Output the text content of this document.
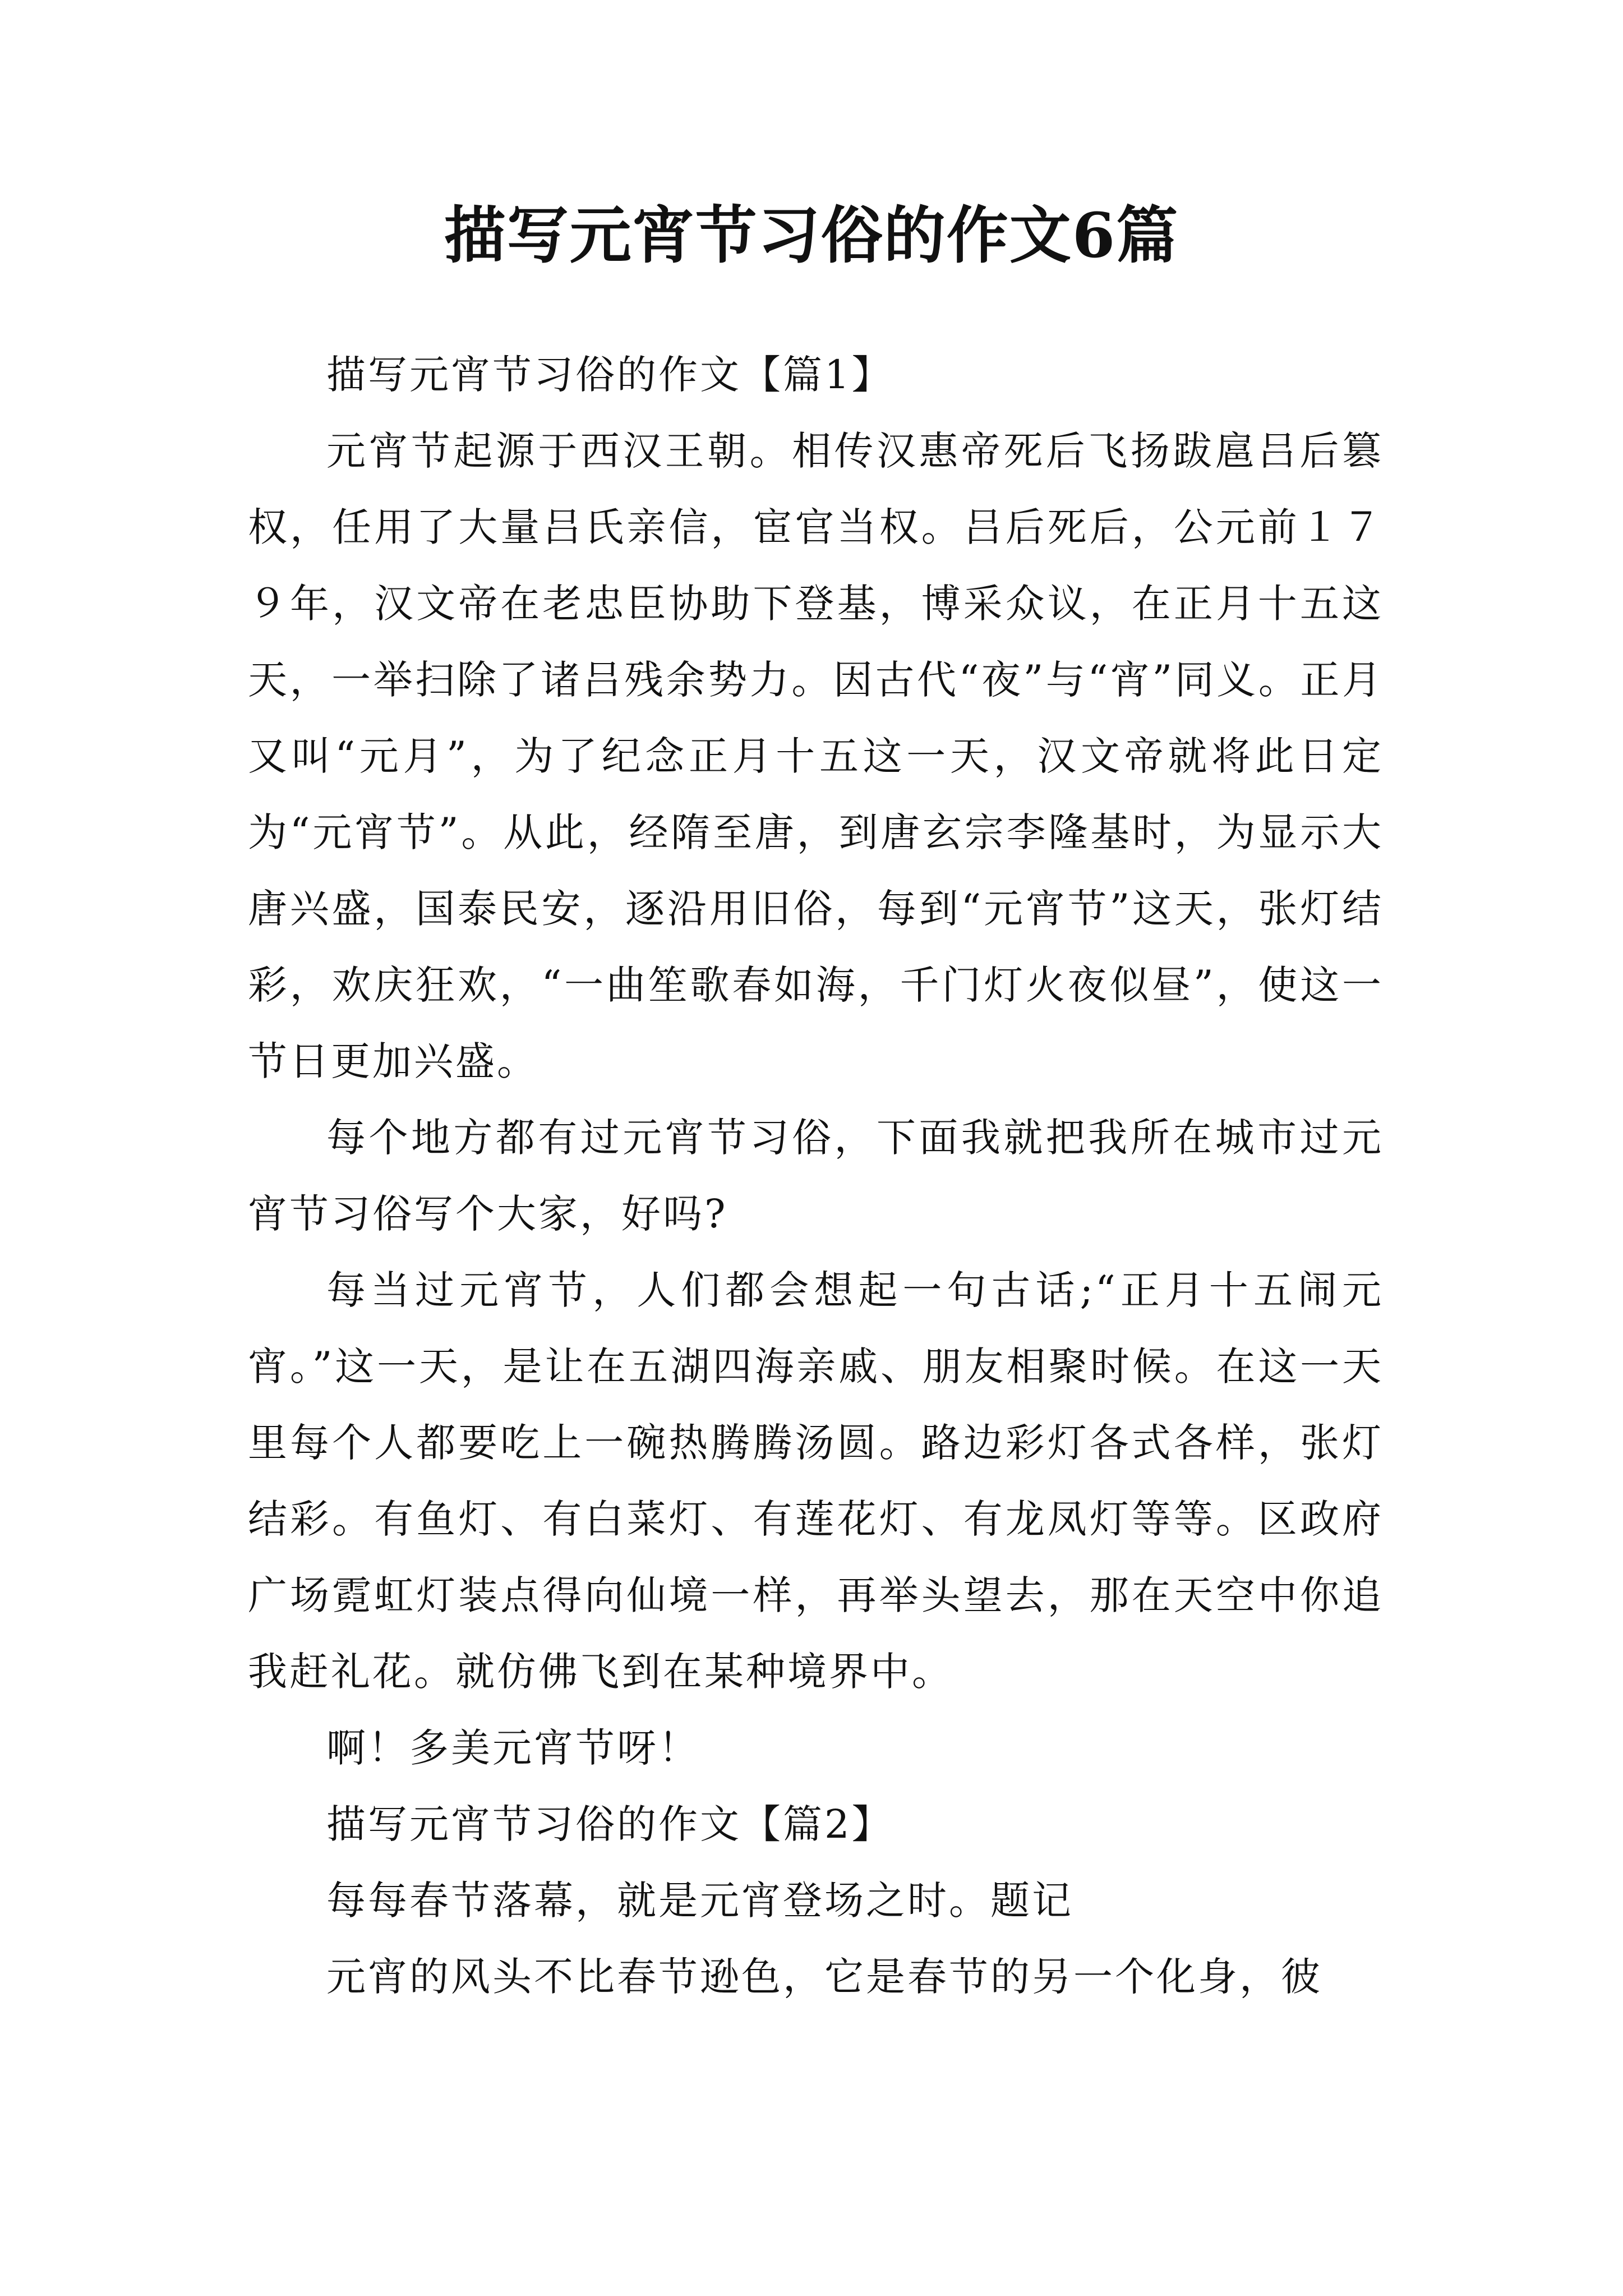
描写元宵节习俗的作文6篇

描写元宵节习俗的作文【篇1】

元宵节起源于西汉王朝。相传汉惠帝死后飞扬跋扈吕后篡权，任用了大量吕氏亲信，宦官当权。吕后死后，公元前１７９年，汉文帝在老忠臣协助下登基，博采众议，在正月十五这天，一举扫除了诸吕残余势力。因古代“夜”与“宵”同义。正月又叫“元月”，为了纪念正月十五这一天，汉文帝就将此日定为“元宵节”。从此，经隋至唐，到唐玄宗李隆基时，为显示大唐兴盛，国泰民安，逐沿用旧俗，每到“元宵节”这天，张灯结彩，欢庆狂欢，“一曲笙歌春如海，千门灯火夜似昼”，使这一节日更加兴盛。

每个地方都有过元宵节习俗，下面我就把我所在城市过元宵节习俗写个大家，好吗?

每当过元宵节，人们都会想起一句古话;“正月十五闹元宵。”这一天，是让在五湖四海亲戚、朋友相聚时候。在这一天里每个人都要吃上一碗热腾腾汤圆。路边彩灯各式各样，张灯结彩。有鱼灯、有白菜灯、有莲花灯、有龙凤灯等等。区政府广场霓虹灯装点得向仙境一样，再举头望去，那在天空中你追我赶礼花。就仿佛飞到在某种境界中。

啊！多美元宵节呀！

描写元宵节习俗的作文【篇2】

每每春节落幕，就是元宵登场之时。题记

元宵的风头不比春节逊色，它是春节的另一个化身，彼
